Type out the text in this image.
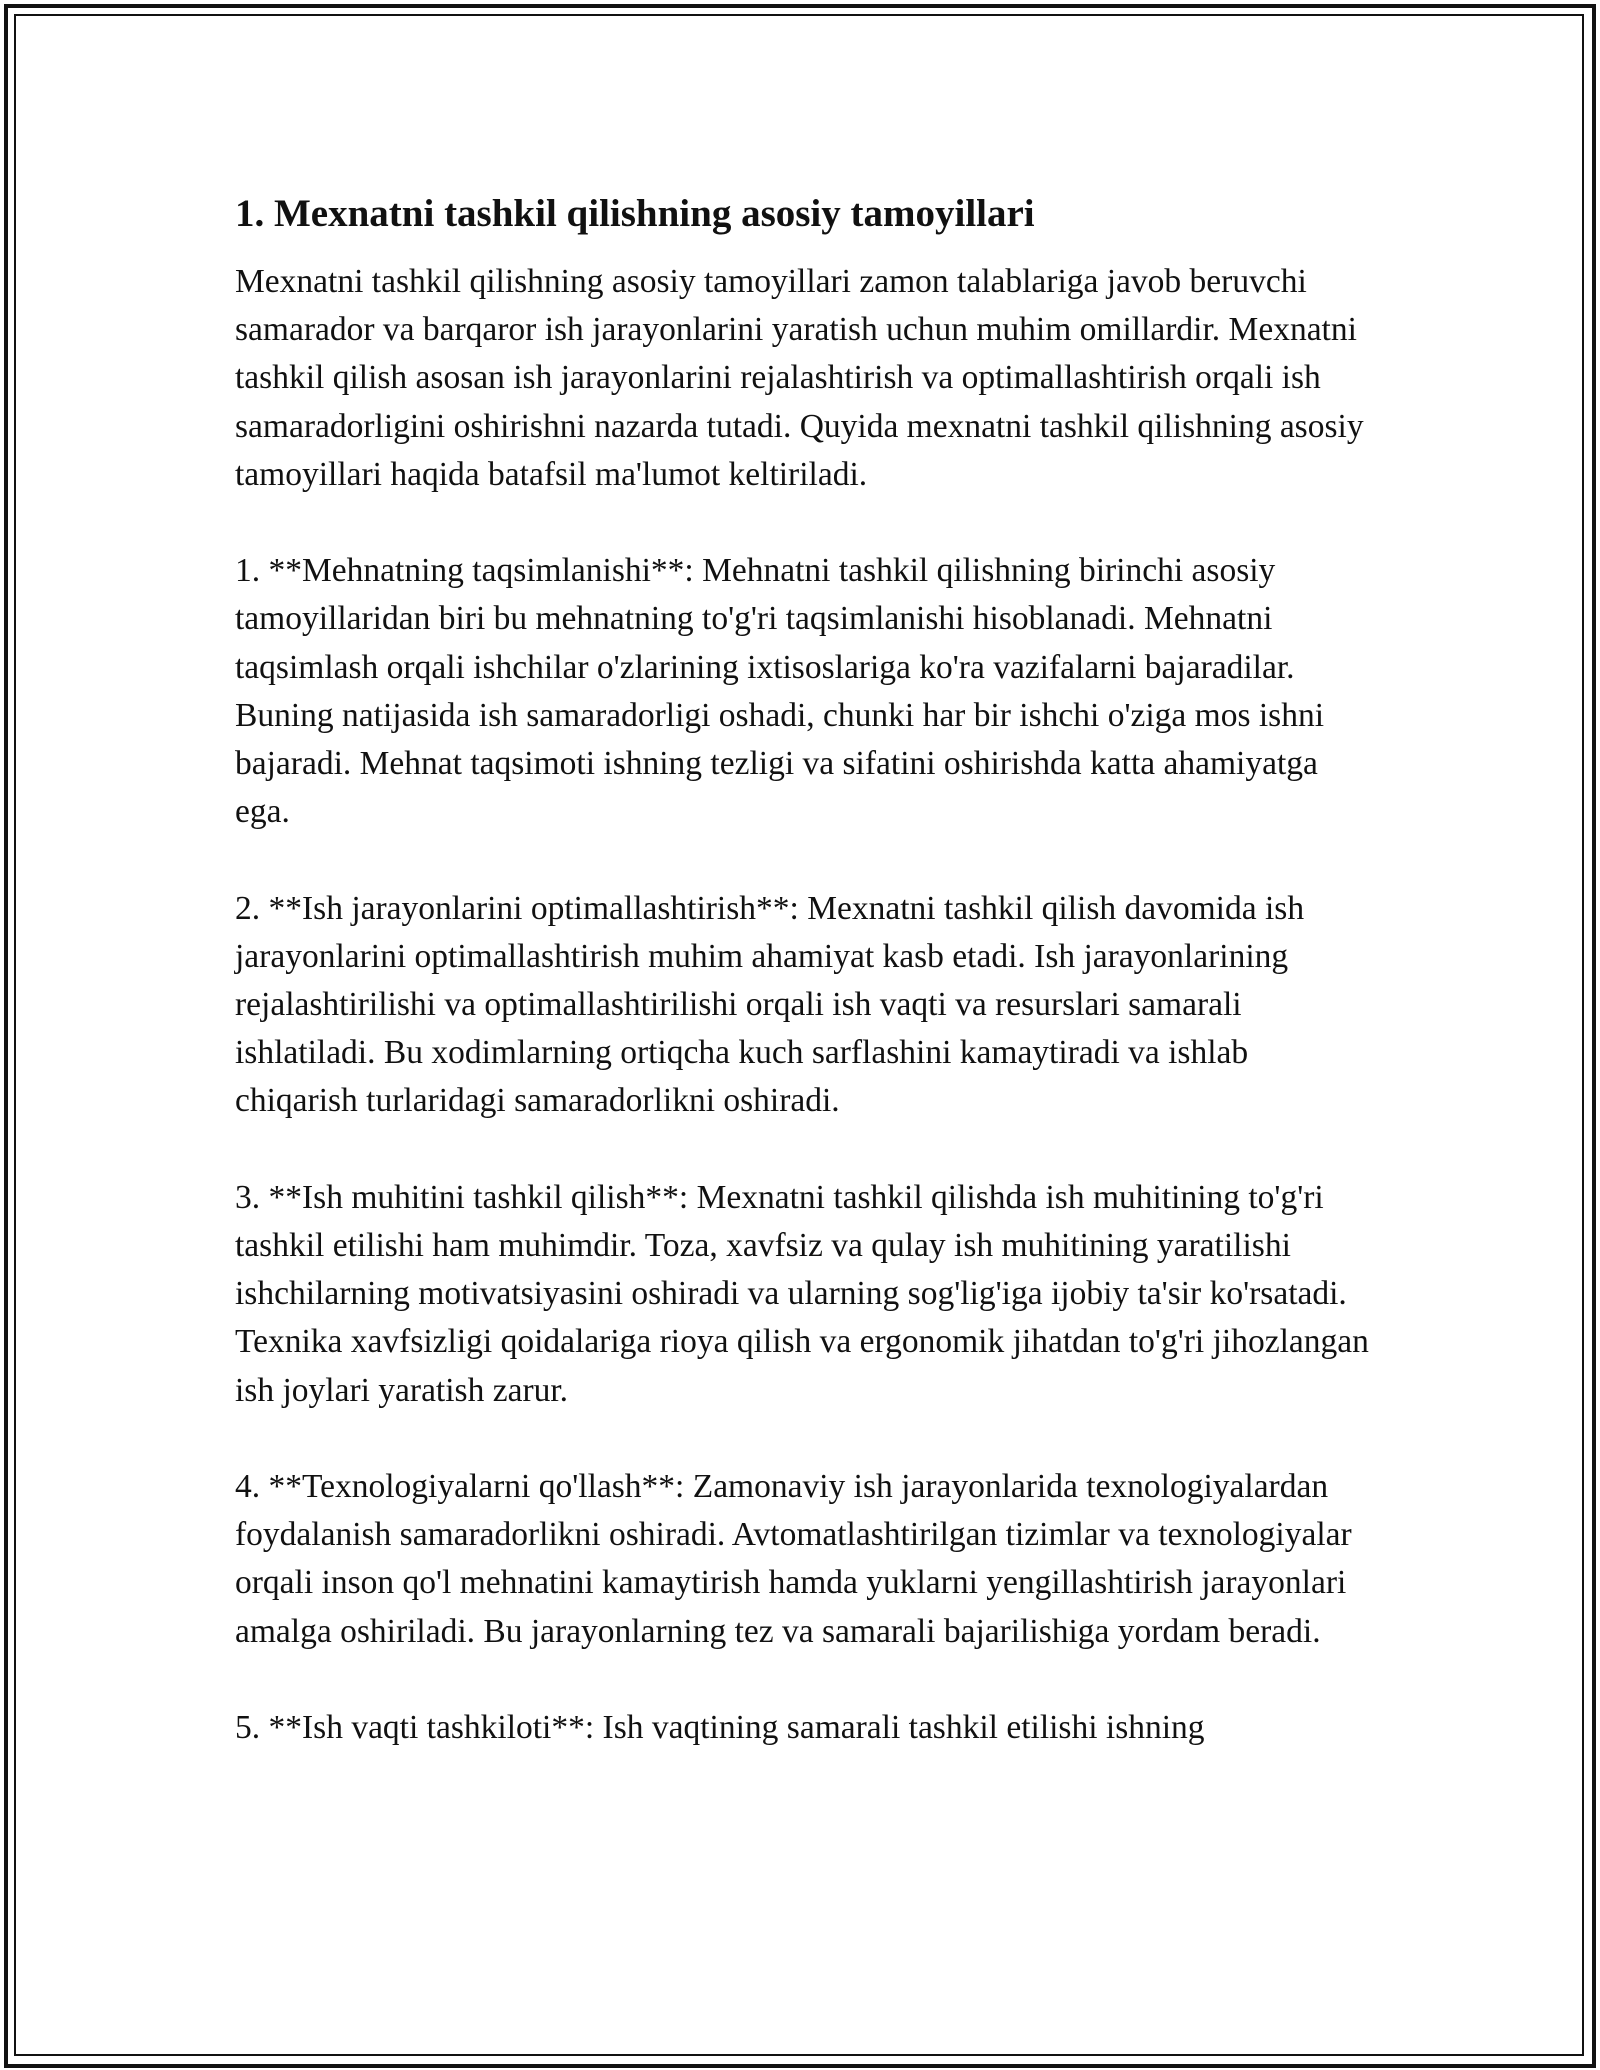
1. Mexnatni tashkil qilishning asosiy tamoyillari

Mexnatni tashkil qilishning asosiy tamoyillari zamon talablariga javob beruvchi samarador va barqaror ish jarayonlarini yaratish uchun muhim omillardir. Mexnatni tashkil qilish asosan ish jarayonlarini rejalashtirish va optimallashtirish orqali ish samaradorligini oshirishni nazarda tutadi. Quyida mexnatni tashkil qilishning asosiy tamoyillari haqida batafsil ma'lumot keltiriladi.

1. **Mehnatning taqsimlanishi**: Mehnatni tashkil qilishning birinchi asosiy tamoyillaridan biri bu mehnatning to'g'ri taqsimlanishi hisoblanadi. Mehnatni taqsimlash orqali ishchilar o'zlarining ixtisoslariga ko'ra vazifalarni bajaradilar. Buning natijasida ish samaradorligi oshadi, chunki har bir ishchi o'ziga mos ishni bajaradi. Mehnat taqsimoti ishning tezligi va sifatini oshirishda katta ahamiyatga ega.

2. **Ish jarayonlarini optimallashtirish**: Mexnatni tashkil qilish davomida ish jarayonlarini optimallashtirish muhim ahamiyat kasb etadi. Ish jarayonlarining rejalashtirilishi va optimallashtirilishi orqali ish vaqti va resurslari samarali ishlatiladi. Bu xodimlarning ortiqcha kuch sarflashini kamaytiradi va ishlab chiqarish turlaridagi samaradorlikni oshiradi.

3. **Ish muhitini tashkil qilish**: Mexnatni tashkil qilishda ish muhitining to'g'ri tashkil etilishi ham muhimdir. Toza, xavfsiz va qulay ish muhitining yaratilishi ishchilarning motivatsiyasini oshiradi va ularning sog'lig'iga ijobiy ta'sir ko'rsatadi. Texnika xavfsizligi qoidalariga rioya qilish va ergonomik jihatdan to'g'ri jihozlangan ish joylari yaratish zarur.

4. **Texnologiyalarni qo'llash**: Zamonaviy ish jarayonlarida texnologiyalardan foydalanish samaradorlikni oshiradi. Avtomatlashtirilgan tizimlar va texnologiyalar orqali inson qo'l mehnatini kamaytirish hamda yuklarni yengillashtirish jarayonlari amalga oshiriladi. Bu jarayonlarning tez va samarali bajarilishiga yordam beradi.

5. **Ish vaqti tashkiloti**: Ish vaqtining samarali tashkil etilishi ishning
